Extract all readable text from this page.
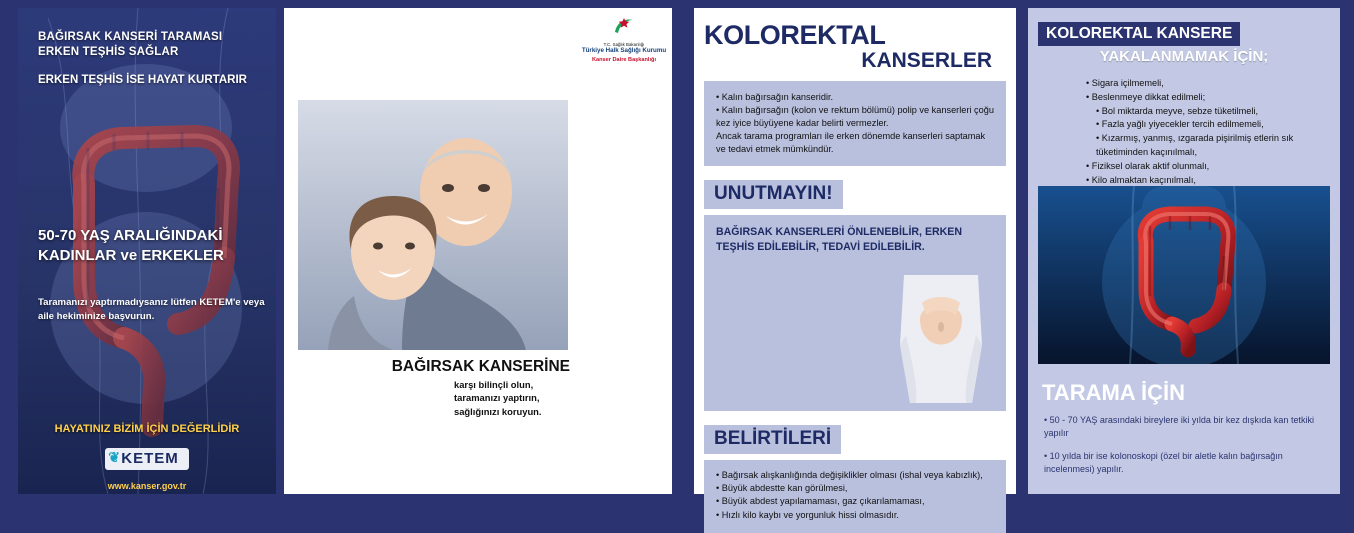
BAĞIRSAK KANSERİ TARAMASI ERKEN TEŞHİS SAĞLAR
ERKEN TEŞHİS İSE HAYAT KURTARIR
50-70 YAŞ ARALIĞINDAKİ KADINLAR ve ERKEKLER
Taramanızı yaptırmadıysanız lütfen KETEM'e veya aile hekiminize başvurun.
HAYATINIZ BİZİM İÇİN DEĞERLİDİR
❦ KETEM
www.kanser.gov.tr
BAĞIRSAK KANSERİNE
karşı bilinçli olun, taramanızı yaptırın, sağlığınızı koruyun.
T.C. Sağlık Bakanlığı
Türkiye Halk Sağlığı Kurumu
Kanser Daire Başkanlığı
KOLOREKTAL
KANSERLER

• Kalın bağırsağın kanseridir.

• Kalın bağırsağın (kolon ve rektum bölümü) polip ve kanserleri çoğu kez iyice büyüyene kadar belirti vermezler.

Ancak tarama programları ile erken dönemde kanserleri saptamak ve tedavi etmek mümkündür.

UNUTMAYIN!
BAĞIRSAK KANSERLERİ ÖNLENEBİLİR, ERKEN TEŞHİS EDİLEBİLİR, TEDAVİ EDİLEBİLİR.
BELİRTİLERİ
• Bağırsak alışkanlığında değişiklikler olması (ishal veya kabızlık),
• Büyük abdestte kan görülmesi,
• Büyük abdest yapılamaması, gaz çıkarılamaması,
• Hızlı kilo kaybı ve yorgunluk hissi olmasıdır.
KOLOREKTAL KANSERE
YAKALANMAMAK İÇİN;
• Sigara içilmemeli,
• Beslenmeye dikkat edilmeli;
• Bol miktarda meyve, sebze tüketilmeli,
• Fazla yağlı yiyecekler tercih edilmemeli,
• Kızarmış, yanmış, ızgarada pişirilmiş etlerin sık tüketiminden kaçınılmalı,
• Fiziksel olarak aktif olunmalı,
• Kilo almaktan kaçınılmalı,
•
TARAMA İÇİN

• 50 - 70 YAŞ arasındaki bireylere iki yılda bir kez dışkıda kan tetkiki yapılır

• 10 yılda bir ise kolonoskopi (özel bir aletle kalın bağırsağın incelenmesi) yapılır.
